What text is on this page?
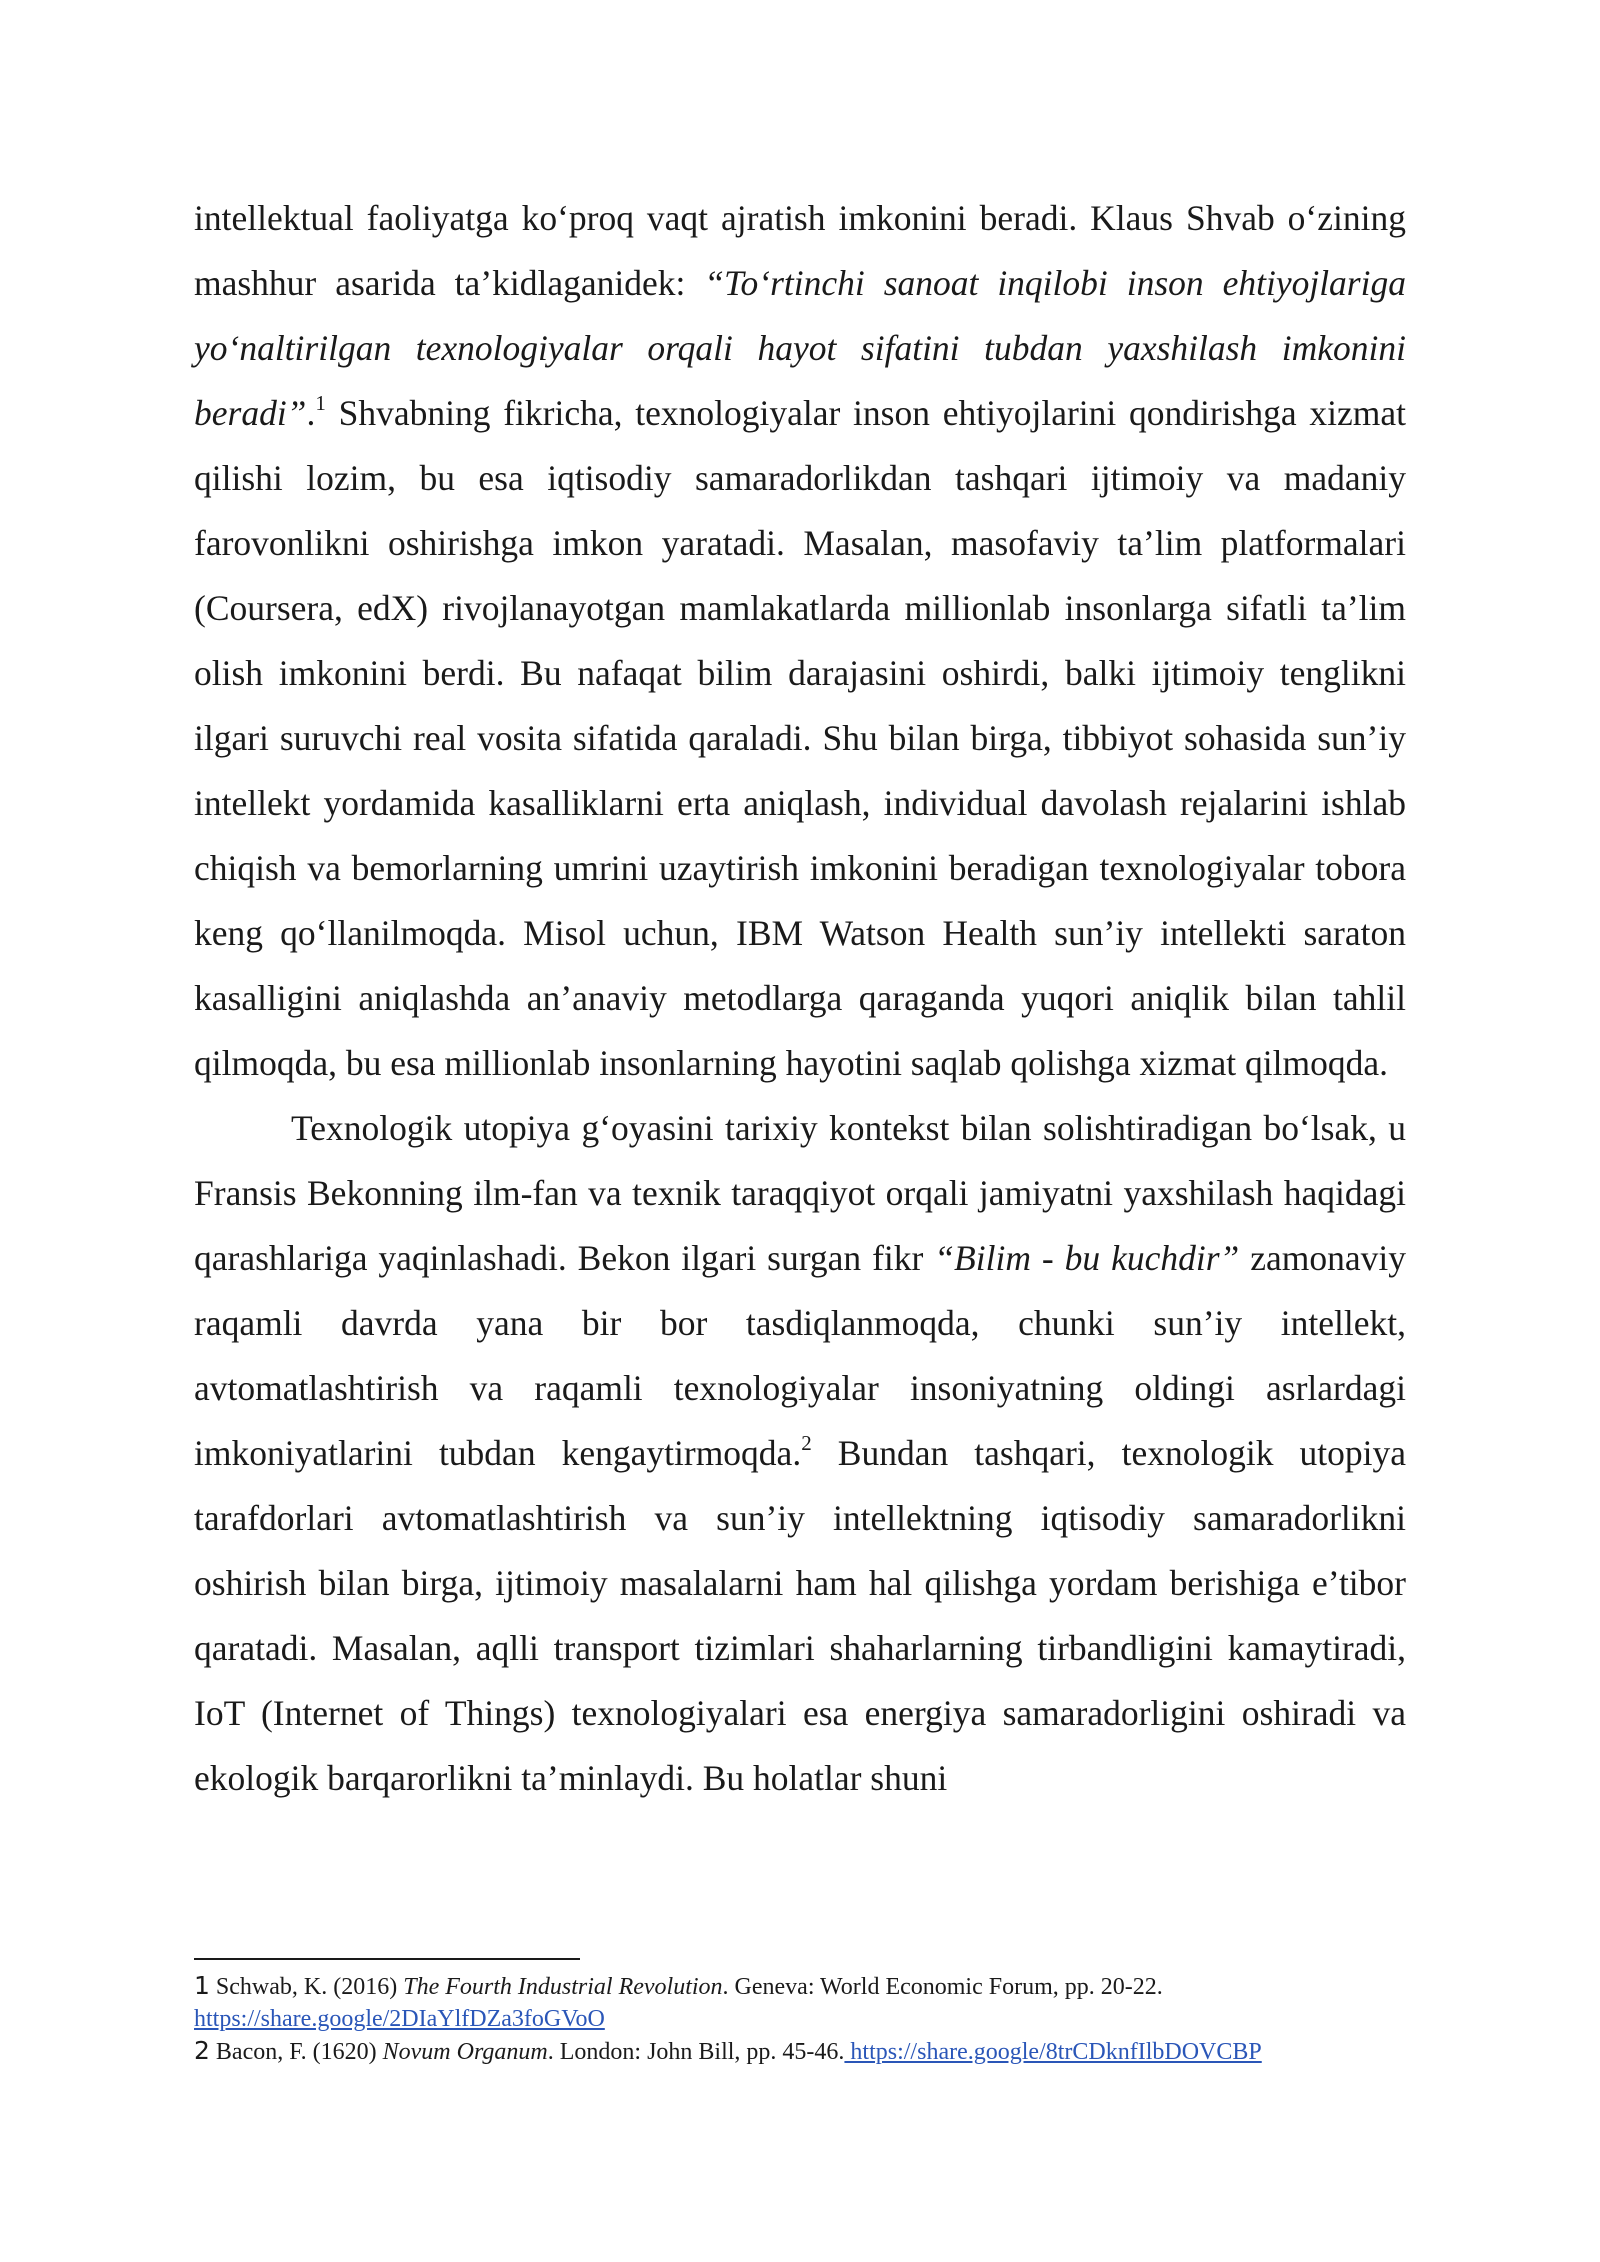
intellektual faoliyatga ko‘proq vaqt ajratish imkonini beradi. Klaus Shvab o‘zining mashhur asarida ta’kidlaganidek: “To‘rtinchi sanoat inqilobi inson ehtiyojlariga yo‘naltirilgan texnologiyalar orqali hayot sifatini tubdan yaxshilash imkonini beradi”.$^1$ Shvabning fikricha, texnologiyalar inson ehtiyojlarini qondirishga xizmat qilishi lozim, bu esa iqtisodiy samaradorlikdan tashqari ijtimoiy va madaniy farovonlikni oshirishga imkon yaratadi. Masalan, masofaviy ta’lim platformalari (Coursera, edX) rivojlanayotgan mamlakatlarda millionlab insonlarga sifatli ta’lim olish imkonini berdi. Bu nafaqat bilim darajasini oshirdi, balki ijtimoiy tenglikni ilgari suruvchi real vosita sifatida qaraladi. Shu bilan birga, tibbiyot sohasida sun’iy intellekt yordamida kasalliklarni erta aniqlash, individual davolash rejalarini ishlab chiqish va bemorlarning umrini uzaytirish imkonini beradigan texnologiyalar tobora keng qo‘llanilmoqda. Misol uchun, IBM Watson Health sun’iy intellekti saraton kasalligini aniqlashda an’anaviy metodlarga qaraganda yuqori aniqlik bilan tahlil qilmoqda, bu esa millionlab insonlarning hayotini saqlab qolishga xizmat qilmoqda.

Texnologik utopiya g‘oyasini tarixiy kontekst bilan solishtiradigan bo‘lsak, u Fransis Bekonning ilm-fan va texnik taraqqiyot orqali jamiyatni yaxshilash haqidagi qarashlariga yaqinlashadi. Bekon ilgari surgan fikr “Bilim - bu kuchdir” zamonaviy raqamli davrda yana bir bor tasdiqlanmoqda, chunki sun’iy intellekt, avtomatlashtirish va raqamli texnologiyalar insoniyatning oldingi asrlardagi imkoniyatlarini tubdan kengaytirmoqda.$^2$ Bundan tashqari, texnologik utopiya tarafdorlari avtomatlashtirish va sun’iy intellektning iqtisodiy samaradorlikni oshirish bilan birga, ijtimoiy masalalarni ham hal qilishga yordam berishiga e’tibor qaratadi. Masalan, aqlli transport tizimlari shaharlarning tirbandligini kamaytiradi, IoT (Internet of Things) texnologiyalari esa energiya samaradorligini oshiradi va ekologik barqarorlikni ta’minlaydi. Bu holatlar shuni

1 Schwab, K. (2016) The Fourth Industrial Revolution. Geneva: World Economic Forum, pp. 20-22.
https://share.google/2DIaYlfDZa3foGVoO

2 Bacon, F. (1620) Novum Organum. London: John Bill, pp. 45-46. https://share.google/8trCDknfIlbDOVCBP
